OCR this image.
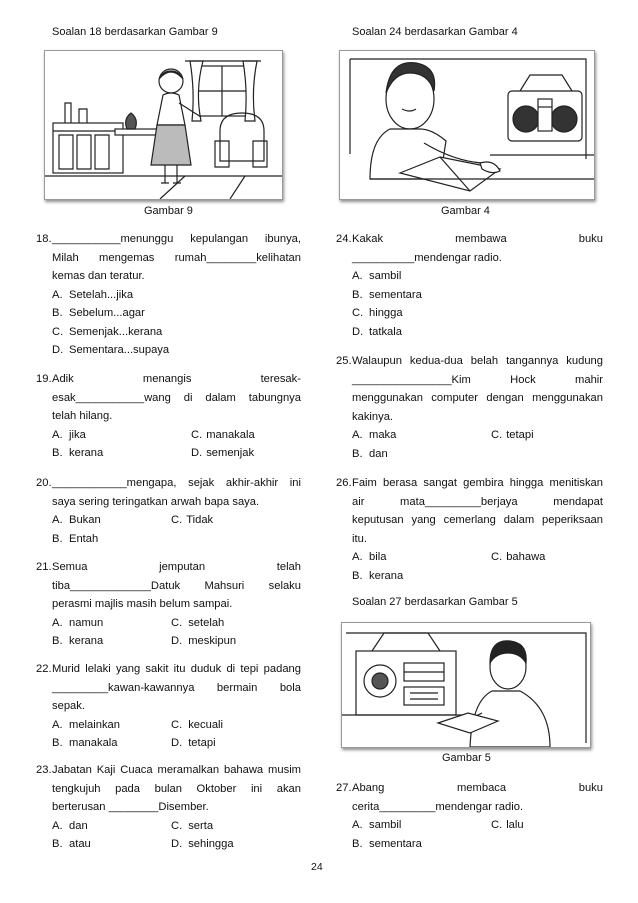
Soalan 18 berdasarkan Gambar 9
Gambar 9
18. ___________menunggu kepulangan ibunya,
Milah mengemas rumah________kelihatan
kemas dan teratur.
A. Setelah...jika
B. Sebelum...agar
C. Semenjak...kerana
D. Sementara...supaya
19. Adik	menangis	teresak-
esak___________wang di dalam tabungnya
telah hilang.
A. jika	C. manakala
B. kerana	D. semenjak
20. ____________mengapa, sejak akhir-akhir ini
saya sering teringatkan arwah bapa saya.
A. Bukan	C. Tidak
B. Entah
21. Semua	jemputan	telah
tiba_____________Datuk Mahsuri selaku
perasmi majlis masih belum sampai.
A. namun	C. setelah
B. kerana	D. meskipun
22. Murid lelaki yang sakit itu duduk di tepi padang
_________kawan-kawannya bermain bola
sepak.
A. melainkan	C. kecuali
B. manakala	D. tetapi
23. Jabatan Kaji Cuaca meramalkan bahawa musim
tengkujuh pada bulan Oktober ini akan
berterusan ________Disember.
A. dan	C. serta
B. atau	D. sehingga
Soalan 24 berdasarkan Gambar 4
Gambar 4
24. Kakak	membawa	buku
__________mendengar radio.
A. sambil
B. sementara
C. hingga
D. tatkala
25. Walaupun kedua-dua belah tangannya kudung
________________Kim Hock mahir
menggunakan computer dengan menggunakan
kakinya.
A. maka	C. tetapi
B. dan
26. Faim berasa sangat gembira hingga menitiskan
air mata_________berjaya mendapat
keputusan yang cemerlang dalam peperiksaan
itu.
A. bila	C. bahawa
B. kerana
Soalan 27 berdasarkan Gambar 5
Gambar 5
27. Abang	membaca	buku
cerita_________mendengar radio.
A. sambil	C. lalu
B. sementara
24
